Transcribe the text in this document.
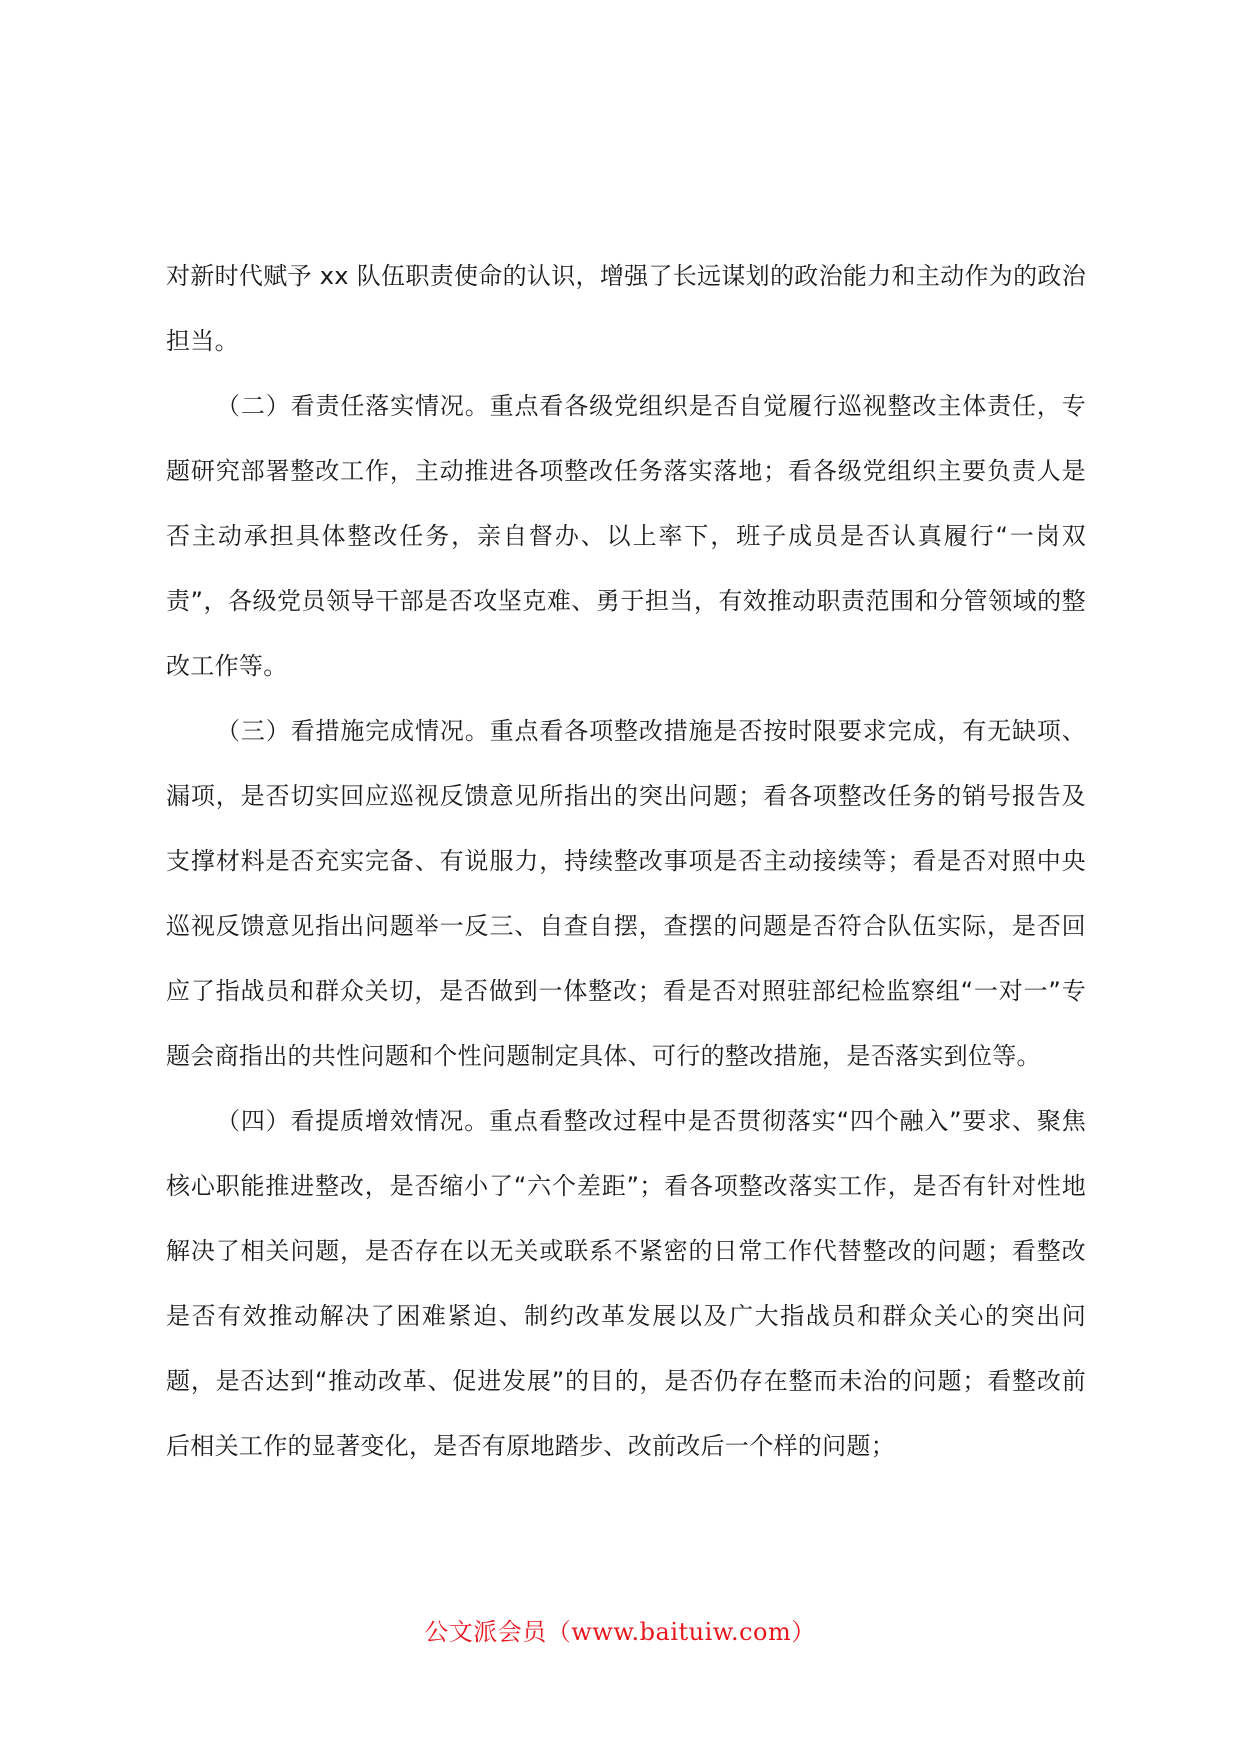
对新时代赋予 xx 队伍职责使命的认识，增强了长远谋划的政治能力和主动作为的政治担当。

（二）看责任落实情况。重点看各级党组织是否自觉履行巡视整改主体责任，专题研究部署整改工作，主动推进各项整改任务落实落地；看各级党组织主要负责人是否主动承担具体整改任务，亲自督办、以上率下，班子成员是否认真履行“一岗双责”，各级党员领导干部是否攻坚克难、勇于担当，有效推动职责范围和分管领域的整改工作等。

（三）看措施完成情况。重点看各项整改措施是否按时限要求完成，有无缺项、漏项，是否切实回应巡视反馈意见所指出的突出问题；看各项整改任务的销号报告及支撑材料是否充实完备、有说服力，持续整改事项是否主动接续等；看是否对照中央巡视反馈意见指出问题举一反三、自查自摆，查摆的问题是否符合队伍实际，是否回应了指战员和群众关切，是否做到一体整改；看是否对照驻部纪检监察组“一对一”专题会商指出的共性问题和个性问题制定具体、可行的整改措施，是否落实到位等。

（四）看提质增效情况。重点看整改过程中是否贯彻落实“四个融入”要求、聚焦核心职能推进整改，是否缩小了“六个差距”；看各项整改落实工作，是否有针对性地解决了相关问题，是否存在以无关或联系不紧密的日常工作代替整改的问题；看整改是否有效推动解决了困难紧迫、制约改革发展以及广大指战员和群众关心的突出问题，是否达到“推动改革、促进发展”的目的，是否仍存在整而未治的问题；看整改前后相关工作的显著变化，是否有原地踏步、改前改后一个样的问题；

公文派会员（www.baituiw.com）
